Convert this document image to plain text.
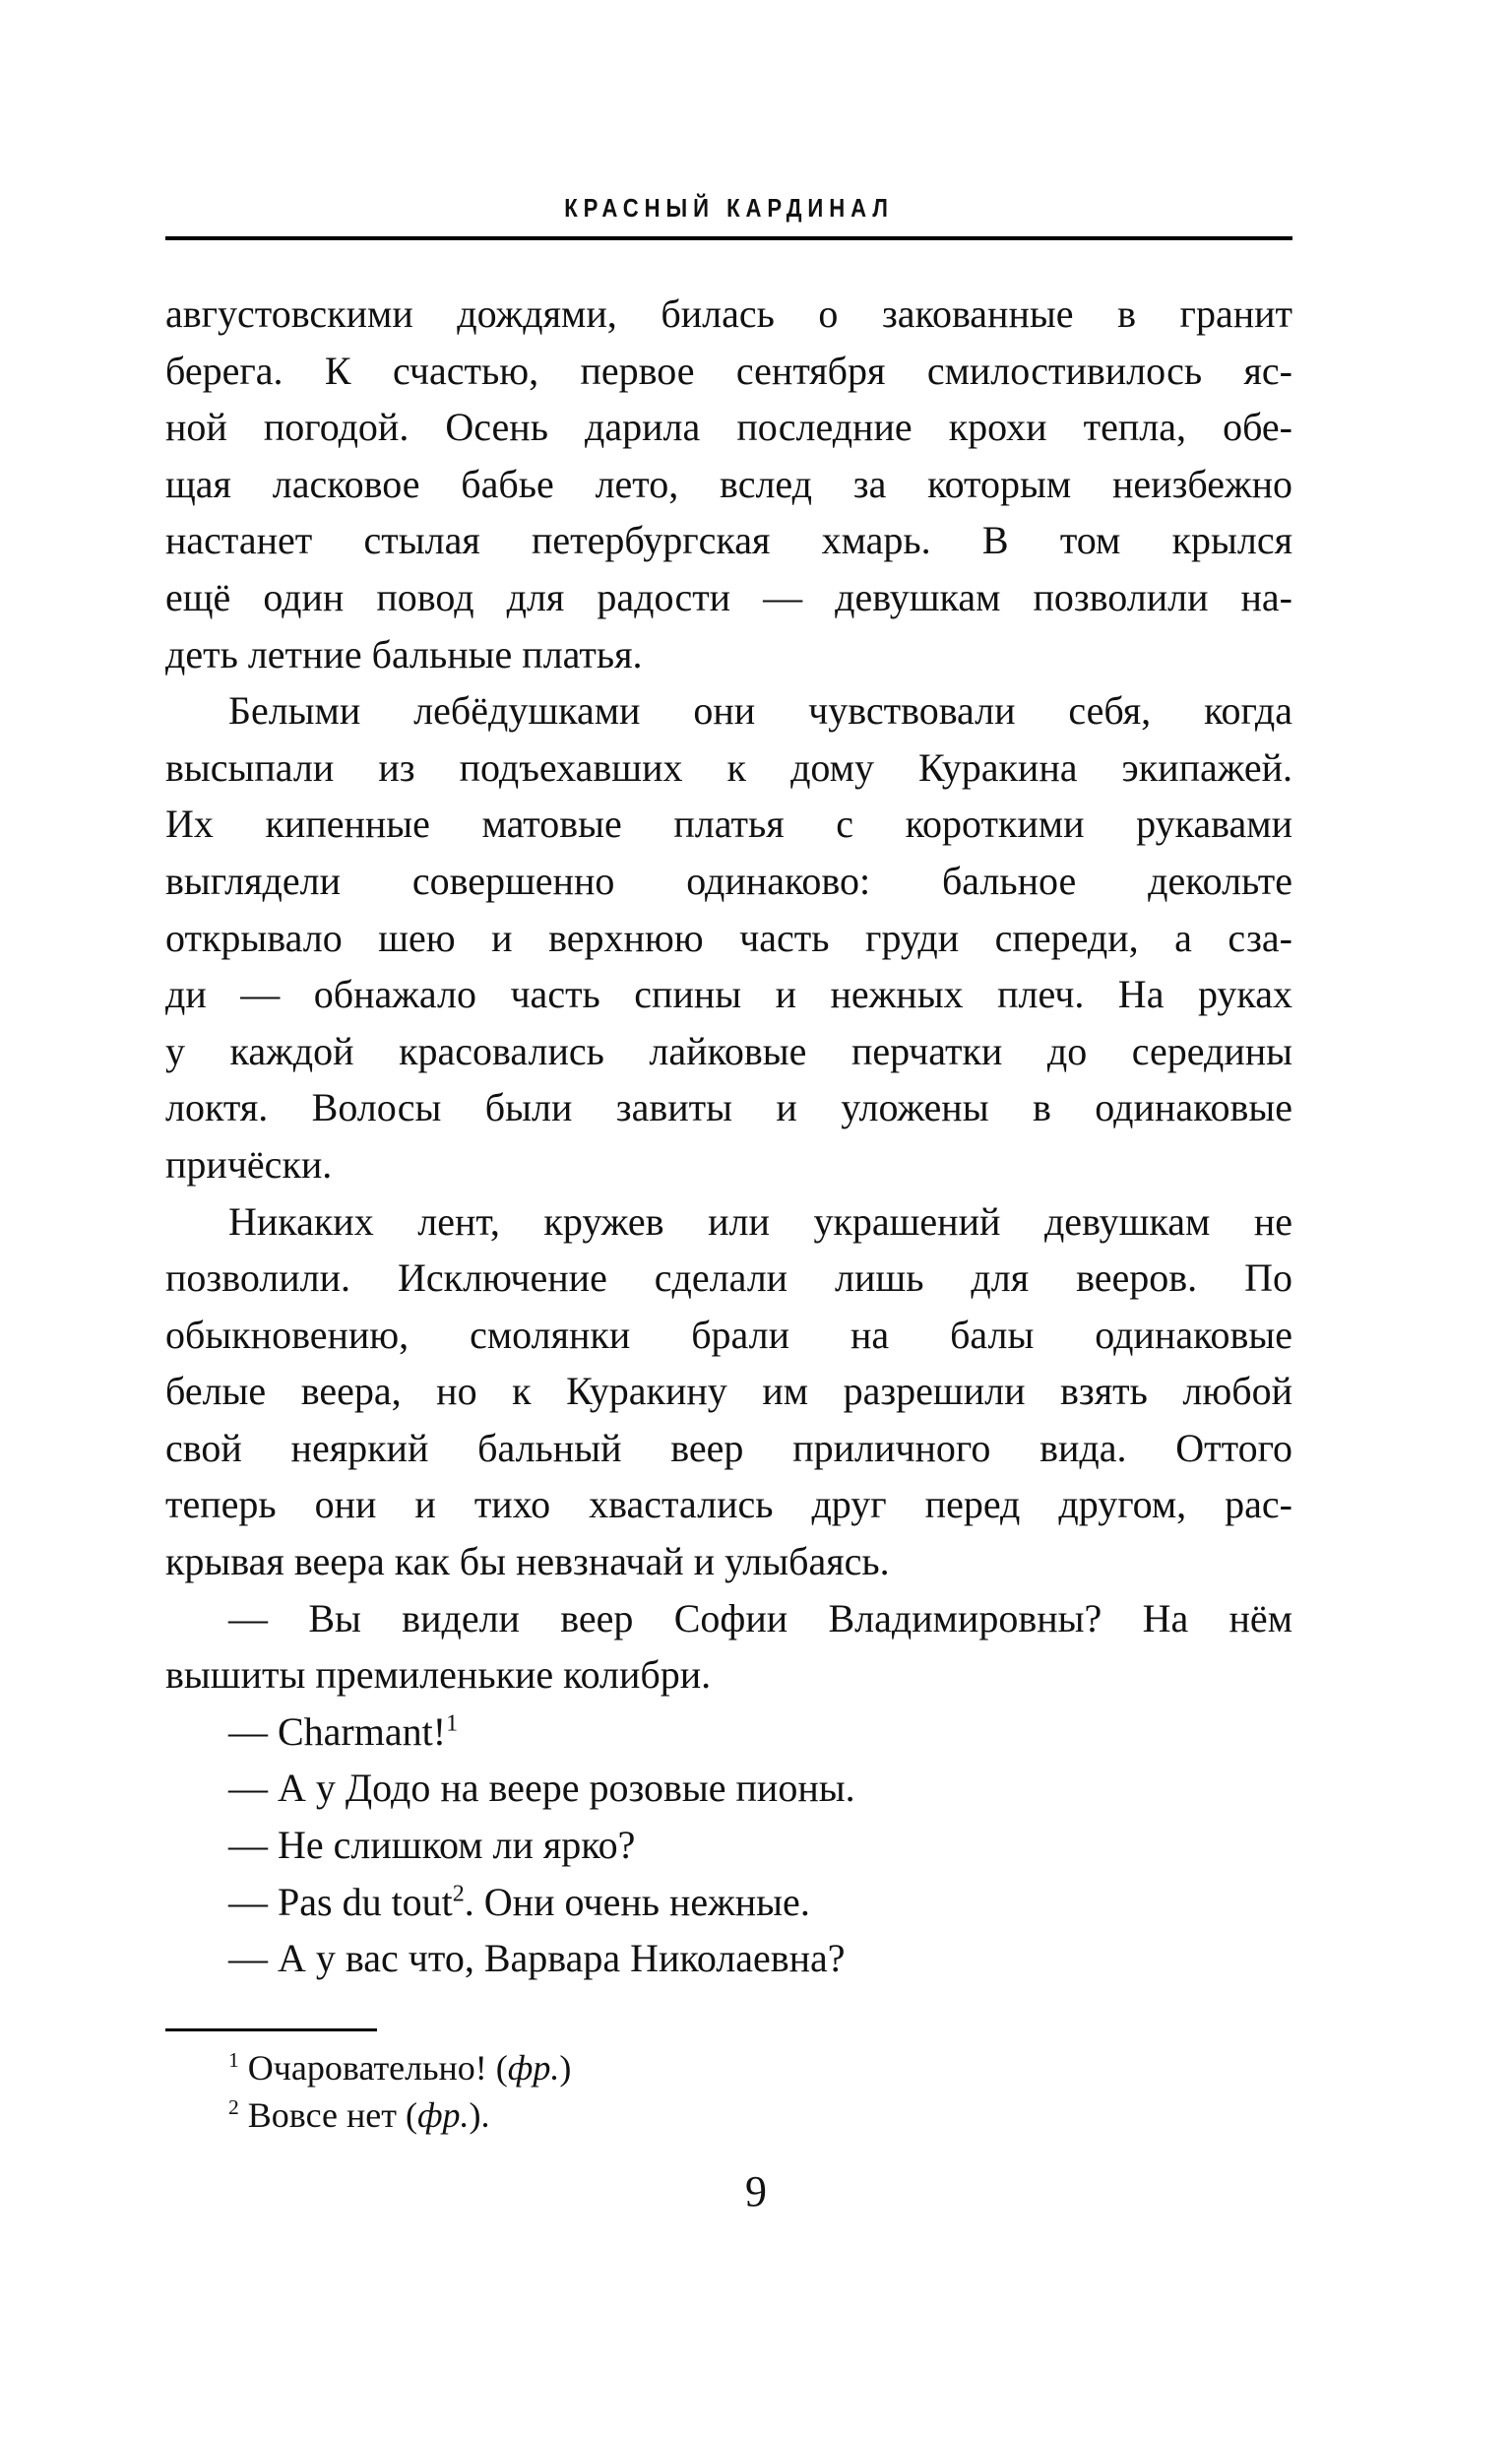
КРАСНЫЙ КАРДИНАЛ
августовскими дождями, билась о закованные в гранит
берега. К счастью, первое сентября смилостивилось яс-
ной погодой. Осень дарила последние крохи тепла, обе-
щая ласковое бабье лето, вслед за которым неизбежно
настанет стылая петербургская хмарь. В том крылся
ещё один повод для радости — девушкам позволили на-
деть летние бальные платья.
Белыми лебёдушками они чувствовали себя, когда
высыпали из подъехавших к дому Куракина экипажей.
Их кипенные матовые платья с короткими рукавами
выглядели совершенно одинаково: бальное декольте
открывало шею и верхнюю часть груди спереди, а сза-
ди — обнажало часть спины и нежных плеч. На руках
у каждой красовались лайковые перчатки до середины
локтя. Волосы были завиты и уложены в одинаковые
причёски.
Никаких лент, кружев или украшений девушкам не
позволили. Исключение сделали лишь для вееров. По
обыкновению, смолянки брали на балы одинаковые
белые веера, но к Куракину им разрешили взять любой
свой неяркий бальный веер приличного вида. Оттого
теперь они и тихо хвастались друг перед другом, рас-
крывая веера как бы невзначай и улыбаясь.
— Вы видели веер Софии Владимировны? На нём
вышиты премиленькие колибри.
— Charmant!$^1$
— А у Додо на веере розовые пионы.
— Не слишком ли ярко?
— Pas du tout$^2$. Они очень нежные.
— А у вас что, Варвара Николаевна?
$^1$ Очаровательно! (фр.)
$^2$ Вовсе нет (фр.).
9
